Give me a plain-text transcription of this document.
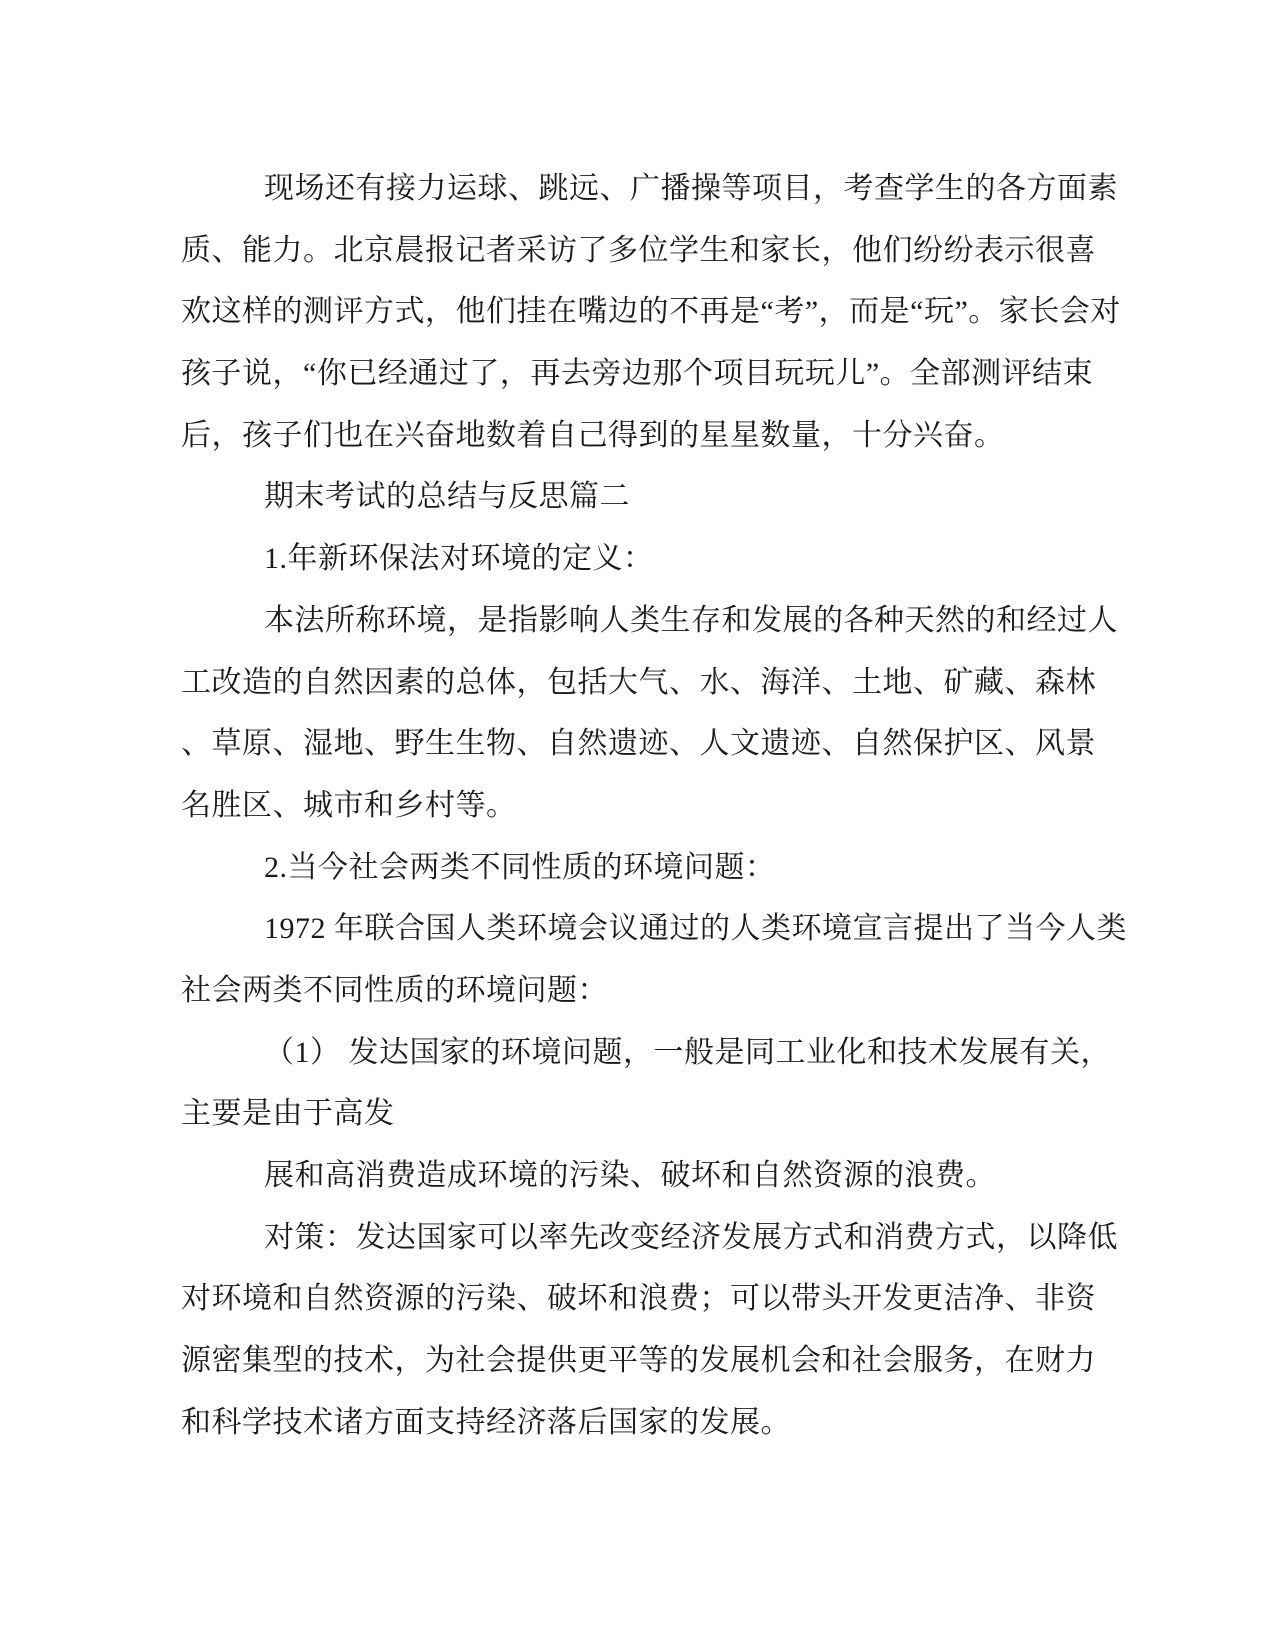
现场还有接力运球、跳远、广播操等项目，考查学生的各方面素
质、能力。北京晨报记者采访了多位学生和家长，他们纷纷表示很喜
欢这样的测评方式，他们挂在嘴边的不再是“考”，而是“玩”。家长会对
孩子说，“你已经通过了，再去旁边那个项目玩玩儿”。全部测评结束
后，孩子们也在兴奋地数着自己得到的星星数量，十分兴奋。
期末考试的总结与反思篇二
1.年新环保法对环境的定义：
本法所称环境，是指影响人类生存和发展的各种天然的和经过人
工改造的自然因素的总体，包括大气、水、海洋、土地、矿藏、森林
、草原、湿地、野生生物、自然遗迹、人文遗迹、自然保护区、风景
名胜区、城市和乡村等。
2.当今社会两类不同性质的环境问题：
1972 年联合国人类环境会议通过的人类环境宣言提出了当今人类
社会两类不同性质的环境问题：
（1） 发达国家的环境问题，一般是同工业化和技术发展有关，
主要是由于高发
展和高消费造成环境的污染、破坏和自然资源的浪费。
对策：发达国家可以率先改变经济发展方式和消费方式，以降低
对环境和自然资源的污染、破坏和浪费；可以带头开发更洁净、非资
源密集型的技术，为社会提供更平等的发展机会和社会服务，在财力
和科学技术诸方面支持经济落后国家的发展。
